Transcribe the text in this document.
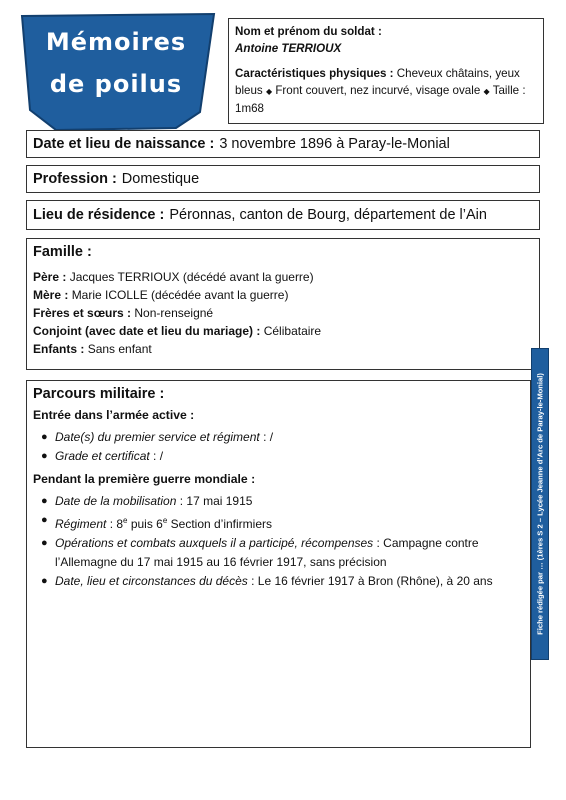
Mémoires
de poilus
Nom et prénom du soldat :
Antoine TERRIOUX
Caractéristiques physiques : Cheveux châtains, yeux bleus ◆ Front couvert, nez incurvé, visage ovale ◆ Taille : 1m68
Date et lieu de naissance : 3 novembre 1896 à Paray-le-Monial
Profession : Domestique
Lieu de résidence : Péronnas, canton de Bourg, département de l’Ain
Famille :
Père : Jacques TERRIOUX (décédé avant la guerre)
Mère : Marie ICOLLE (décédée avant la guerre)
Frères et sœurs : Non-renseigné
Conjoint (avec date et lieu du mariage) : Célibataire
Enfants : Sans enfant
Parcours militaire :
Entrée dans l’armée active :
● Date(s) du premier service et régiment : /
● Grade et certificat : /
Pendant la première guerre mondiale :
● Date de la mobilisation : 17 mai 1915
● Régiment : 8e puis 6e Section d’infirmiers
● Opérations et combats auxquels il a participé, récompenses : Campagne contre l’Allemagne du 17 mai 1915 au 16 février 1917, sans précision
● Date, lieu et circonstances du décès : Le 16 février 1917 à Bron (Rhône), à 20 ans	Fiche rédigée par … (1ères S 2 – Lycée Jeanne d’Arc de Paray-le-Monial)
